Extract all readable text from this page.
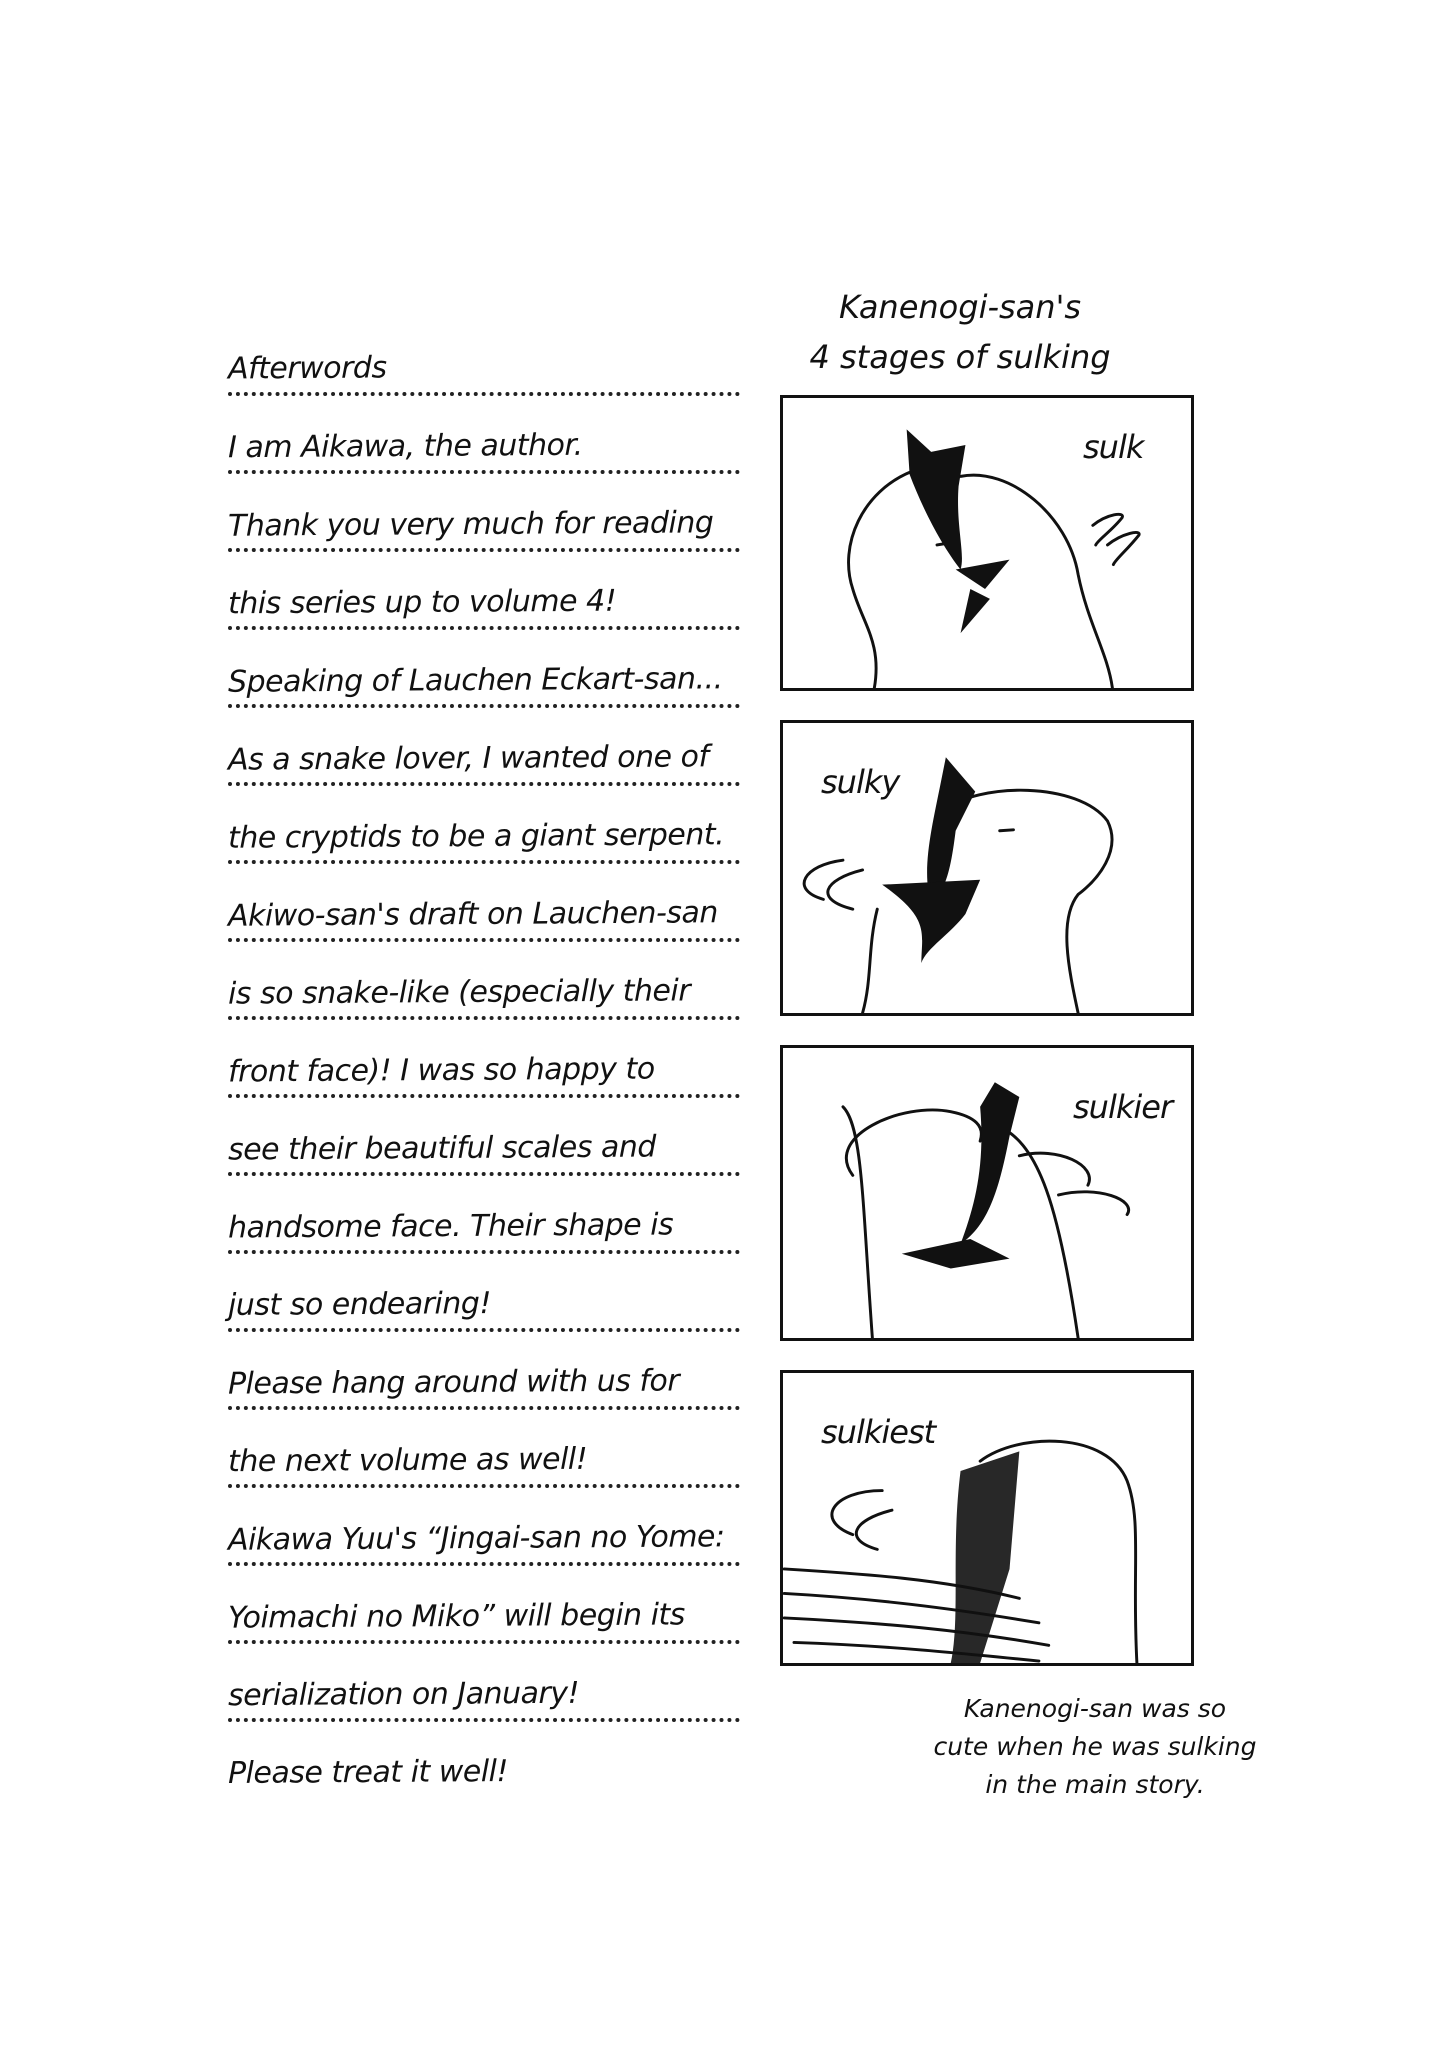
Afterwords
I am Aikawa, the author.
Thank you very much for reading
this series up to volume 4!
Speaking of Lauchen Eckart-san...
As a snake lover, I wanted one of
the cryptids to be a giant serpent.
Akiwo-san's draft on Lauchen-san
is so snake-like (especially their
front face)! I was so happy to
see their beautiful scales and
handsome face. Their shape is
just so endearing!
Please hang around with us for
the next volume as well!
Aikawa Yuu's “Jingai-san no Yome:
Yoimachi no Miko” will begin its
serialization on January!
Please treat it well!
Kanenogi-san's
4 stages of sulking
sulk
sulky
sulkier
sulkiest
Kanenogi-san was so
cute when he was sulking
in the main story.
